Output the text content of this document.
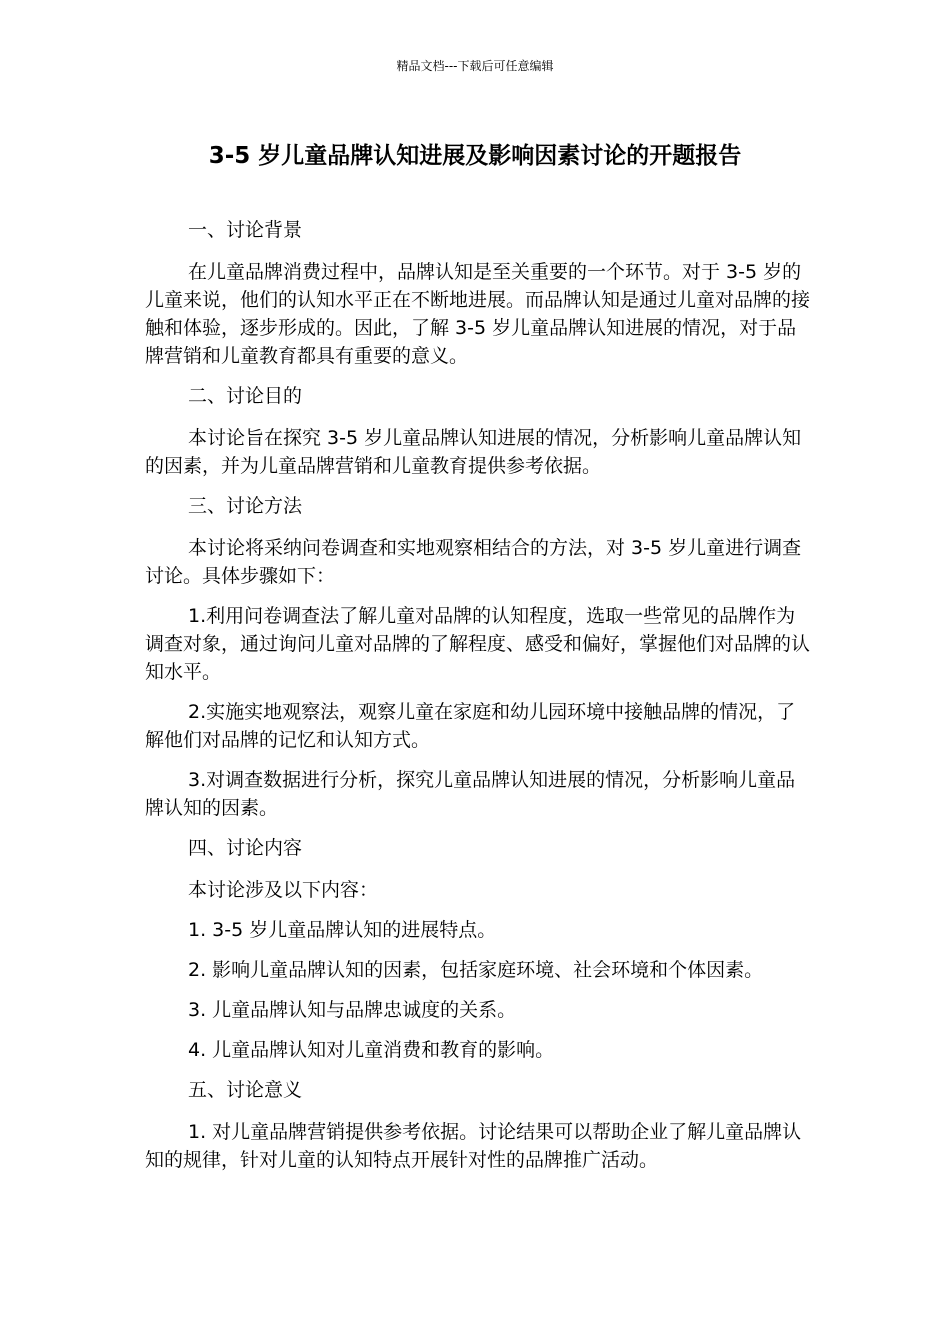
精品文档---下载后可任意编辑
3-5 岁儿童品牌认知进展及影响因素讨论的开题报告

一、讨论背景

在儿童品牌消费过程中，品牌认知是至关重要的一个环节。对于 3-5 岁的儿童来说，他们的认知水平正在不断地进展。而品牌认知是通过儿童对品牌的接触和体验，逐步形成的。因此，了解 3-5 岁儿童品牌认知进展的情况，对于品牌营销和儿童教育都具有重要的意义。

二、讨论目的

本讨论旨在探究 3-5 岁儿童品牌认知进展的情况，分析影响儿童品牌认知的因素，并为儿童品牌营销和儿童教育提供参考依据。

三、讨论方法

本讨论将采纳问卷调查和实地观察相结合的方法，对 3-5 岁儿童进行调查讨论。具体步骤如下：

1.利用问卷调查法了解儿童对品牌的认知程度，选取一些常见的品牌作为调查对象，通过询问儿童对品牌的了解程度、感受和偏好，掌握他们对品牌的认知水平。

2.实施实地观察法，观察儿童在家庭和幼儿园环境中接触品牌的情况，了解他们对品牌的记忆和认知方式。

3.对调查数据进行分析，探究儿童品牌认知进展的情况，分析影响儿童品牌认知的因素。

四、讨论内容

本讨论涉及以下内容：

1. 3-5 岁儿童品牌认知的进展特点。

2. 影响儿童品牌认知的因素，包括家庭环境、社会环境和个体因素。

3. 儿童品牌认知与品牌忠诚度的关系。

4. 儿童品牌认知对儿童消费和教育的影响。

五、讨论意义

1. 对儿童品牌营销提供参考依据。讨论结果可以帮助企业了解儿童品牌认知的规律，针对儿童的认知特点开展针对性的品牌推广活动。
